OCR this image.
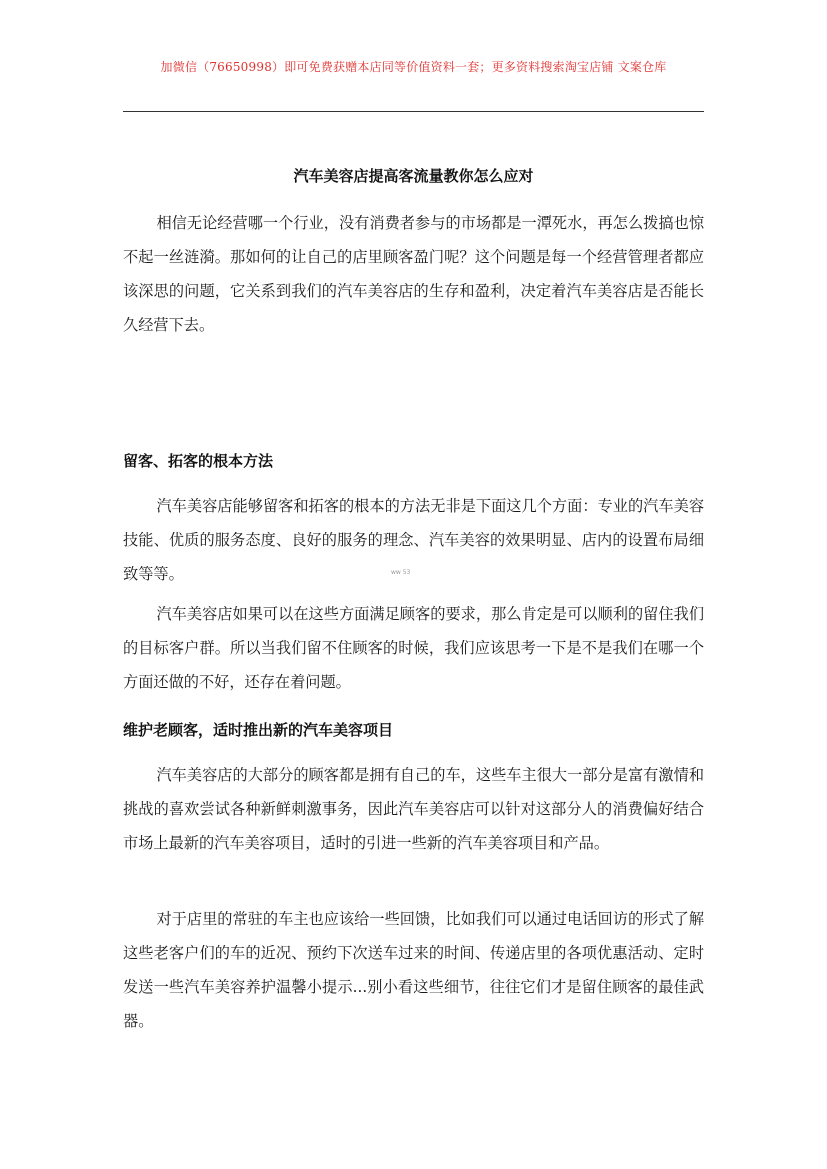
加微信（76650998）即可免费获赠本店同等价值资料一套；更多资料搜索淘宝店铺 文案仓库
汽车美容店提高客流量教你怎么应对

相信无论经营哪一个行业，没有消费者参与的市场都是一潭死水，再怎么拨搞也惊不起一丝涟漪。那如何的让自己的店里顾客盈门呢？这个问题是每一个经营管理者都应该深思的问题，它关系到我们的汽车美容店的生存和盈利，决定着汽车美容店是否能长久经营下去。

留客、拓客的根本方法

汽车美容店能够留客和拓客的根本的方法无非是下面这几个方面：专业的汽车美容技能、优质的服务态度、良好的服务的理念、汽车美容的效果明显、店内的设置布局细致等等。	ww 53

汽车美容店如果可以在这些方面满足顾客的要求，那么肯定是可以顺利的留住我们的目标客户群。所以当我们留不住顾客的时候，我们应该思考一下是不是我们在哪一个方面还做的不好，还存在着问题。

维护老顾客，适时推出新的汽车美容项目

汽车美容店的大部分的顾客都是拥有自己的车，这些车主很大一部分是富有激情和挑战的喜欢尝试各种新鲜刺激事务，因此汽车美容店可以针对这部分人的消费偏好结合市场上最新的汽车美容项目，适时的引进一些新的汽车美容项目和产品。

对于店里的常驻的车主也应该给一些回馈，比如我们可以通过电话回访的形式了解这些老客户们的车的近况、预约下次送车过来的时间、传递店里的各项优惠活动、定时发送一些汽车美容养护温馨小提示...别小看这些细节，往往它们才是留住顾客的最佳武器。
